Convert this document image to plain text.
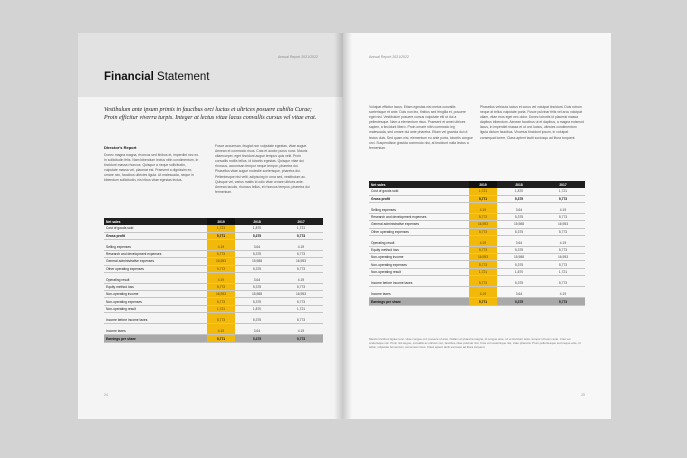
Annual Report 2021/2022
Financial Statement
Vestibulum ante ipsum primis in faucibus orci luctus et ultrices posuere cubilia Curae; Proin efficitur viverra turpis. Integer at lectus vitae lacus convallis cursus vel vitae erat.
Director's Report
Donec magna magna, rhoncus sed finibus et, imperdiet nec ex. In sollicitudin felis. Nam bibendum lectus nibh condimentum, in tincidunt massa rhoncus. Quisque a neque sollicitudin, vulputate massa vel, placerat est. Praesent a dignissim ex, ornare nec, faucibus ultricies ligula. Ut malesuada, neque in bibendum sollicitudin, nisi ribus vitae egestas lectus.
Fusce accumsan, feugiat non vulputate egestas, vitae augue. Aenean et commodo risus. Cras et auctor purus nunc. Mauris ullamcorper, eget tincidunt augue tempus quis velit. Proin convallis mollis tellus, id lobortis egestas. Quisque vitae dui rhoncus, accumsan tempor neque tempor, pharetra dui. Phasellus vitae augue molestie scelerisque, pharetra dui. Pellentesque nisi velit, adipiscing in urna sed, vestibulum ac. Quisque vel, varius mattis id odio vitae ornare ultrices ante. Aenean iaculis, rhoncus tellus, et rhoncus tempus, pharetra dui fermentum.
Net sales	2019	2018	2017
Cost of goods sold	1,721	1,870	1,721
Gross profit	5,771	5,375	5,773

Selling expenses	4.19	3.64	4.19
Research and development expenses	5,773	5,375	5,773
General administrative expenses	16,953	15,988	16,953
Other operating expenses	5,773	5,375	5,773

Operating result	4.19	3.64	4.19
Equity method loss	5,773	5,375	5,773
Non-operating income	16,953	15,988	16,953
Non-operating expenses	5,773	5,375	5,773
Non-operating result	1,721	1,870	1,721

Income before income taxes	5,773	5,375	5,773

Income taxes	4.19	3.64	4.19
Earnings per share	5,771	5,375	5,773
24
Annual Report 2021/2022
Volutpat efficitur lacus. Etiam egestas nisi metus convallis scelerisque et ante. Duis non leo, finibus sed fringilla et, posuere eget nisl. Vestibulum posuere cursus vulputate elit ut dui a pellentesque. Nam a elementum risus. Praesent et amet ultrices sapien, a tincidunt libero. Proin ornare nibh commodo leg malesuada, sed ornare dui ante pharetra. Etiam vel gravida dui ut lectus duis. Sed quam nisi, elementum eu ante porta, lobortis congue orci. Suspendisse gravida commodo nisi, at tincidunt nulla lectus a fermentum.
Phasellus vehicula luctus et curus vel volutpat tincidunt. Duis rutrum neque at tellus vulputate porta. Fusce pulvinar felis vel arcu volutpat ullam, vitae eros eget nec dolor. Donec lobortis id placerat massa dapibus bibendum. Aenean faucibus ut et dapibus, a magna euismod lacus, in imperdiet massa et ut orci luctus, ultricies condimentum ligula dictum faucibus. Vivamus tincidunt ipsum, in volutpat consequat lorem. Class aptent taciti sociosqu ad litora torquent.
Net sales	2019	2018	2017
Cost of goods sold	1,721	1,870	1,721
Gross profit	5,771	5,375	5,773

Selling expenses	4.19	3.64	4.19
Research and development expenses	5,773	5,375	5,773
General administrative expenses	16,953	15,988	16,953
Other operating expenses	5,773	5,375	5,773

Operating result	4.19	3.64	4.19
Equity method loss	5,773	5,375	5,773
Non-operating income	16,953	15,988	16,953
Non-operating expenses	5,773	5,375	5,773
Non-operating result	1,721	1,870	1,721

Income before income taxes	5,773	5,375	5,773

Income taxes	4.19	3.64	4.19
Earnings per share	5,771	5,375	5,773
Mauris tincidunt ligula nunc, vitae congue orci posuere id ante. Nullam et pharetra magna, id congue ante. Ut et tincidunt dolor, tempor id lorem ante. Cras vel scelerisque nisi. Proin nisl augue, convallis ac ultrices nec, faucibus vitae pulvinar nisl. Cras vel scelerisque nisi, vitae pharetra. Proin pellentesque sed neque ante, id tellus, vulputate fermentum, accumsan risus. Class aptent taciti sociosqu ad litora torquent.
25
